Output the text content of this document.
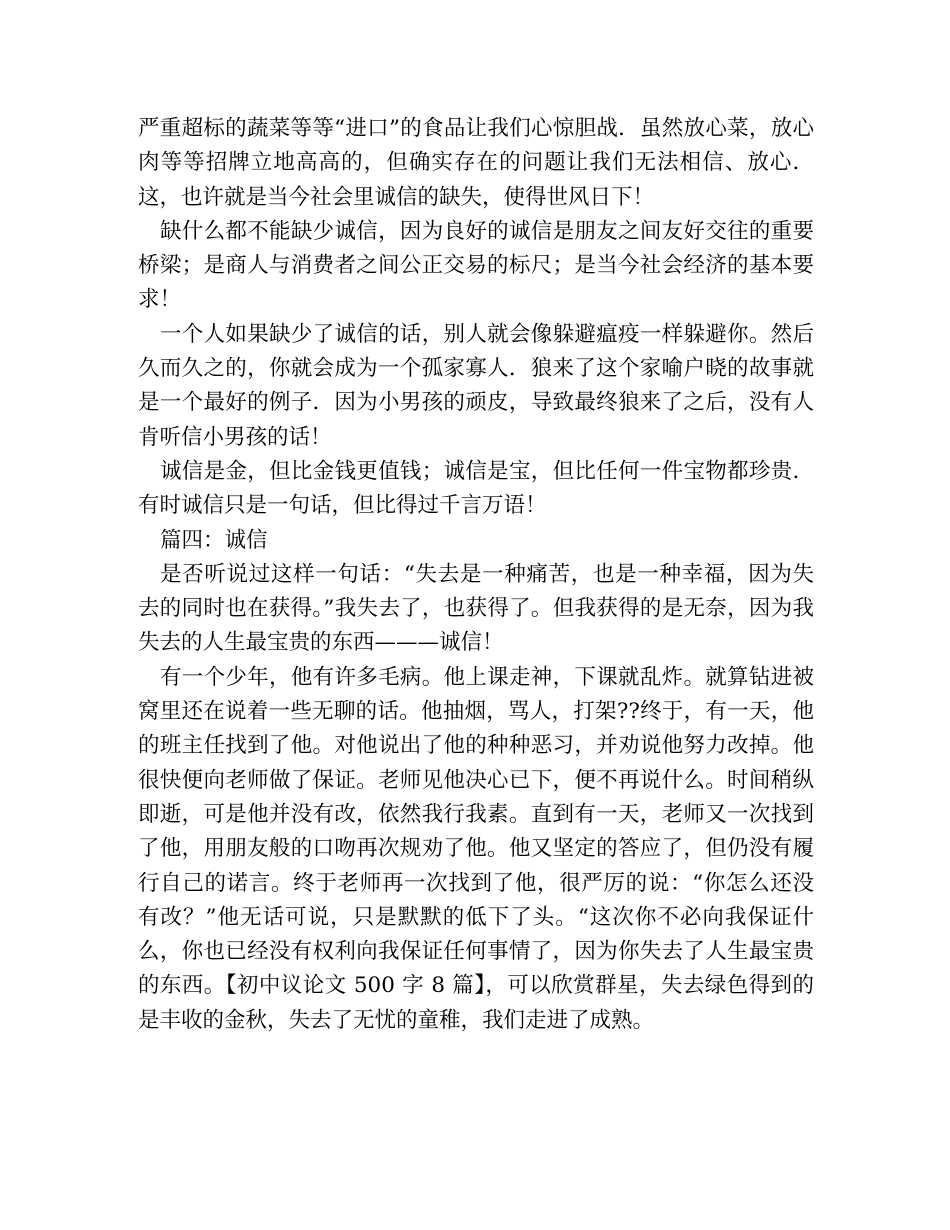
严重超标的蔬菜等等“进口”的食品让我们心惊胆战．虽然放心菜，放心肉等等招牌立地高高的，但确实存在的问题让我们无法相信、放心．这，也许就是当今社会里诚信的缺失，使得世风日下！

缺什么都不能缺少诚信，因为良好的诚信是朋友之间友好交往的重要桥梁；是商人与消费者之间公正交易的标尺；是当今社会经济的基本要求！

一个人如果缺少了诚信的话，别人就会像躲避瘟疫一样躲避你。然后久而久之的，你就会成为一个孤家寡人．狼来了这个家喻户晓的故事就是一个最好的例子．因为小男孩的顽皮，导致最终狼来了之后，没有人肯听信小男孩的话！

诚信是金，但比金钱更值钱；诚信是宝，但比任何一件宝物都珍贵．有时诚信只是一句话，但比得过千言万语！

篇四：诚信

是否听说过这样一句话：“失去是一种痛苦，也是一种幸福，因为失去的同时也在获得。”我失去了，也获得了。但我获得的是无奈，因为我失去的人生最宝贵的东西———诚信！

有一个少年，他有许多毛病。他上课走神，下课就乱炸。就算钻进被窝里还在说着一些无聊的话。他抽烟，骂人，打架??终于，有一天，他的班主任找到了他。对他说出了他的种种恶习，并劝说他努力改掉。他很快便向老师做了保证。老师见他决心已下，便不再说什么。时间稍纵即逝，可是他并没有改，依然我行我素。直到有一天，老师又一次找到了他，用朋友般的口吻再次规劝了他。他又坚定的答应了，但仍没有履行自己的诺言。终于老师再一次找到了他，很严厉的说：“你怎么还没有改？”他无话可说，只是默默的低下了头。“这次你不必向我保证什么，你也已经没有权利向我保证任何事情了，因为你失去了人生最宝贵的东西。【初中议论文 500 字 8 篇】，可以欣赏群星，失去绿色得到的是丰收的金秋，失去了无忧的童稚，我们走进了成熟。
